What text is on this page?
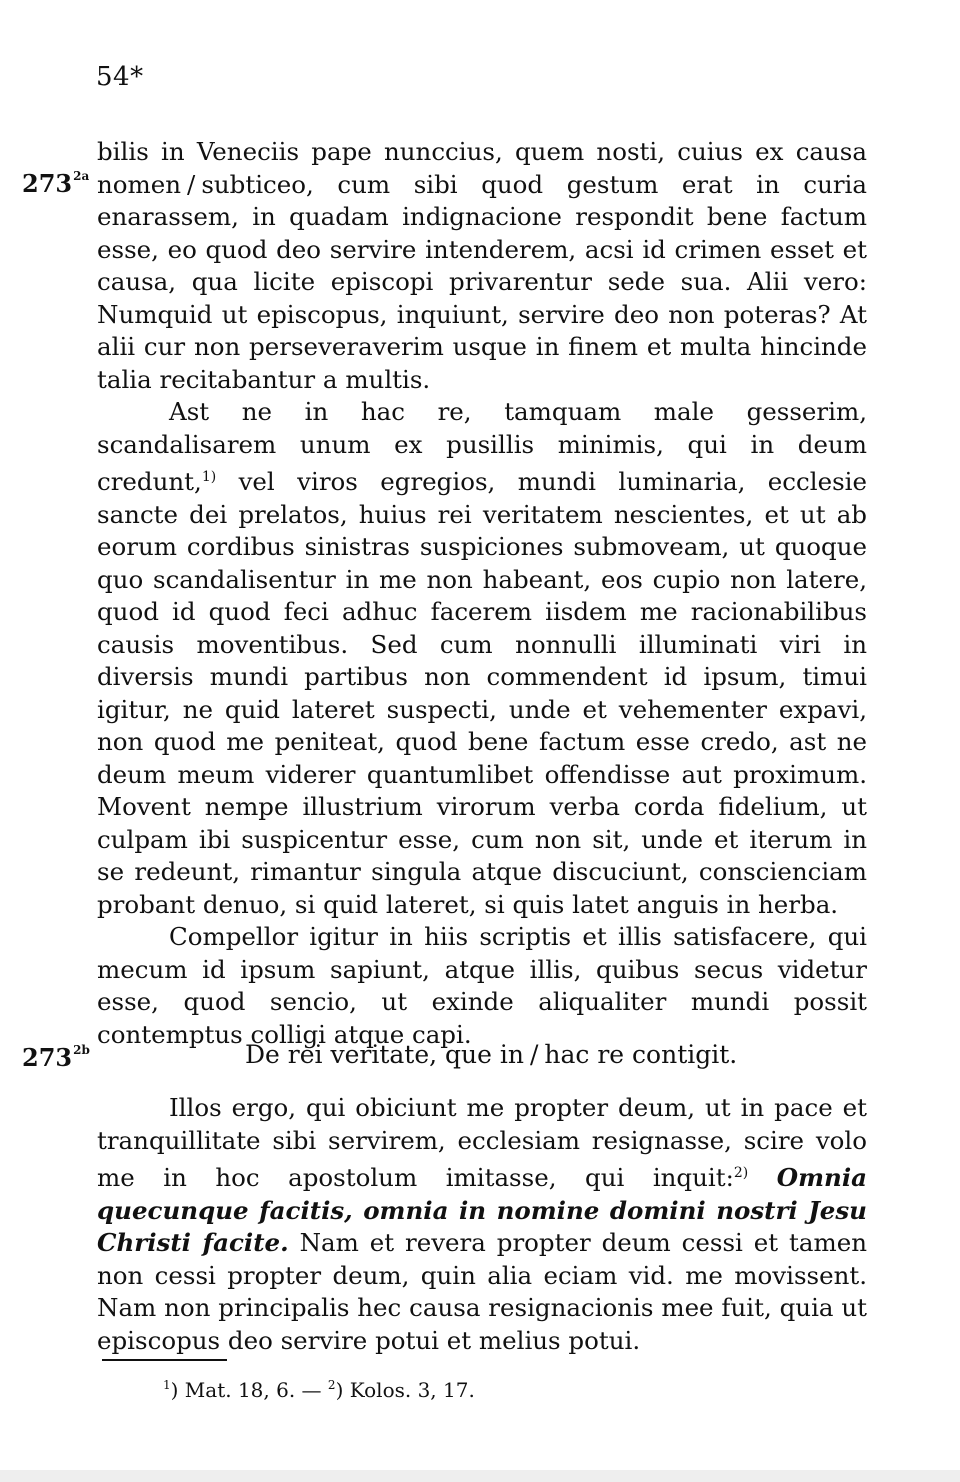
54*
$273^{2a}$

bilis in Veneciis pape nunccius, quem nosti, cuius ex causa nomen / subticeo, cum sibi quod gestum erat in curia enarassem, in quadam indignacione respondit bene factum esse, eo quod deo servire intenderem, acsi id crimen esset et causa, qua licite episcopi privarentur sede sua. Alii vero: Numquid ut episcopus, inquiunt, servire deo non poteras? At alii cur non perseveraverim usque in finem et multa hincinde talia recitabantur a multis.

Ast ne in hac re, tamquam male gesserim, scandalisarem unum ex pusillis minimis, qui in deum credunt,$^{1)}$ vel viros egregios, mundi luminaria, ecclesie sancte dei prelatos, huius rei veritatem nescientes, et ut ab eorum cordibus sinistras suspiciones submoveam, ut quoque quo scandalisentur in me non habeant, eos cupio non latere, quod id quod feci adhuc facerem iisdem me racionabilibus causis moventibus. Sed cum nonnulli illuminati viri in diversis mundi partibus non commendent id ipsum, timui igitur, ne quid lateret suspecti, unde et vehementer expavi, non quod me peniteat, quod bene factum esse credo, ast ne deum meum viderer quantumlibet offendisse aut proximum. Movent nempe illustrium virorum verba corda fidelium, ut culpam ibi suspicentur esse, cum non sit, unde et iterum in se redeunt, rimantur singula atque discuciunt, conscienciam probant denuo, si quid lateret, si quis latet anguis in herba.

Compellor igitur in hiis scriptis et illis satisfacere, qui mecum id ipsum sapiunt, atque illis, quibus secus videtur esse, quod sencio, ut exinde aliqualiter mundi possit contemptus colligi atque capi.

$273^{2b}$	De rei veritate, que in / hac re contigit.

Illos ergo, qui obiciunt me propter deum, ut in pace et tranquillitate sibi servirem, ecclesiam resignasse, scire volo me in hoc apostolum imitasse, qui inquit:$^{2)}$ Omnia quecunque facitis, omnia in nomine domini nostri Jesu Christi facite. Nam et revera propter deum cessi et tamen non cessi propter deum, quin alia eciam vid. me movissent. Nam non principalis hec causa resignacionis mee fuit, quia ut episcopus deo servire potui et melius potui.

$^1$) Mat. 18, 6. — $^2$) Kolos. 3, 17.
